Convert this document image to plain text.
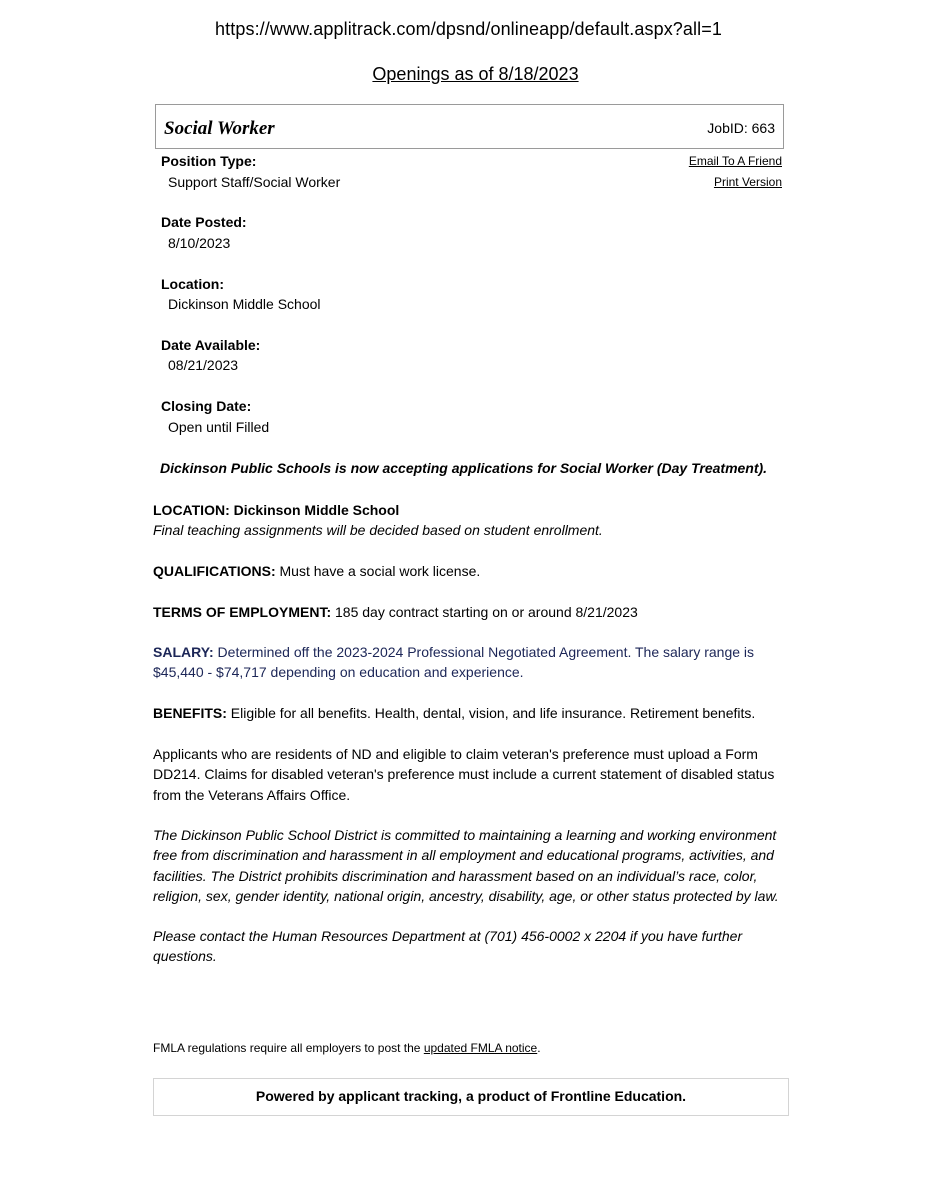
https://www.applitrack.com/dpsnd/onlineapp/default.aspx?all=1
Openings as of 8/18/2023
Social Worker	JobID: 663
Position Type:	Email To A Friend
Support Staff/Social Worker	Print Version
Date Posted:
8/10/2023
Location:
Dickinson Middle School
Date Available:
08/21/2023
Closing Date:
Open until Filled
Dickinson Public Schools is now accepting applications for Social Worker (Day Treatment).
LOCATION: Dickinson Middle School
Final teaching assignments will be decided based on student enrollment.
QUALIFICATIONS: Must have a social work license.
TERMS OF EMPLOYMENT: 185 day contract starting on or around 8/21/2023
SALARY: Determined off the 2023-2024 Professional Negotiated Agreement. The salary range is $45,440 - $74,717 depending on education and experience.
BENEFITS: Eligible for all benefits. Health, dental, vision, and life insurance. Retirement benefits.
Applicants who are residents of ND and eligible to claim veteran's preference must upload a Form DD214. Claims for disabled veteran's preference must include a current statement of disabled status from the Veterans Affairs Office.
The Dickinson Public School District is committed to maintaining a learning and working environment free from discrimination and harassment in all employment and educational programs, activities, and facilities. The District prohibits discrimination and harassment based on an individual’s race, color, religion, sex, gender identity, national origin, ancestry, disability, age, or other status protected by law.
Please contact the Human Resources Department at (701) 456-0002 x 2204 if you have further questions.
FMLA regulations require all employers to post the updated FMLA notice.
Powered by applicant tracking, a product of Frontline Education.
